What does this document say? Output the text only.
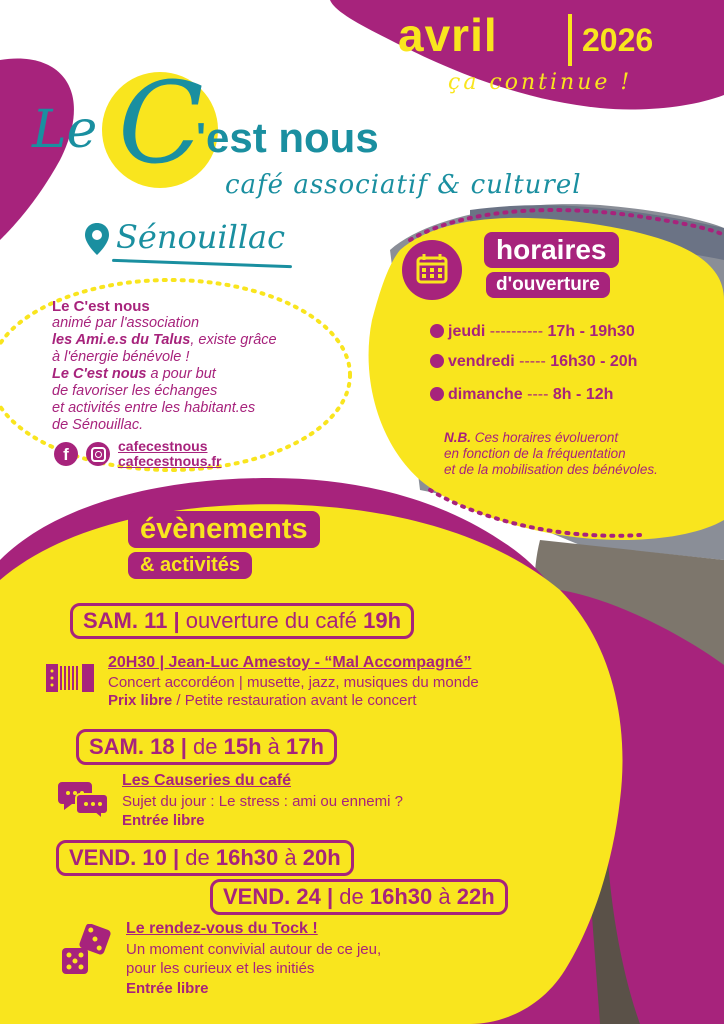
avril	2026
ça continue !
Le C
'est nous
café associatif & culturel
Sénouillac
Le C'est nous
animé par l'association
les Ami.e.s du Talus, existe grâce
à l'énergie bénévole !
Le C'est nous a pour but
de favoriser les échanges
et activités entre les habitant.es
de Sénouillac.
f	cafecestnous
cafecestnous.fr
horaires
d'ouverture
jeudi ---------- 17h - 19h30
vendredi ----- 16h30 - 20h
dimanche ---- 8h - 12h
N.B. Ces horaires évolueront
en fonction de la fréquentation
et de la mobilisation des bénévoles.
évènements
& activités
SAM. 11 | ouverture du café 19h
20H30 | Jean-Luc Amestoy - “Mal Accompagné”
Concert accordéon | musette, jazz, musiques du monde
Prix libre / Petite restauration avant le concert
SAM. 18 | de 15h à 17h
Les Causeries du café
Sujet du jour : Le stress : ami ou ennemi ?
Entrée libre
VEND. 10 | de 16h30 à 20h
VEND. 24 | de 16h30 à 22h
Le rendez-vous du Tock !
Un moment convivial autour de ce jeu,
pour les curieux et les initiés
Entrée libre
